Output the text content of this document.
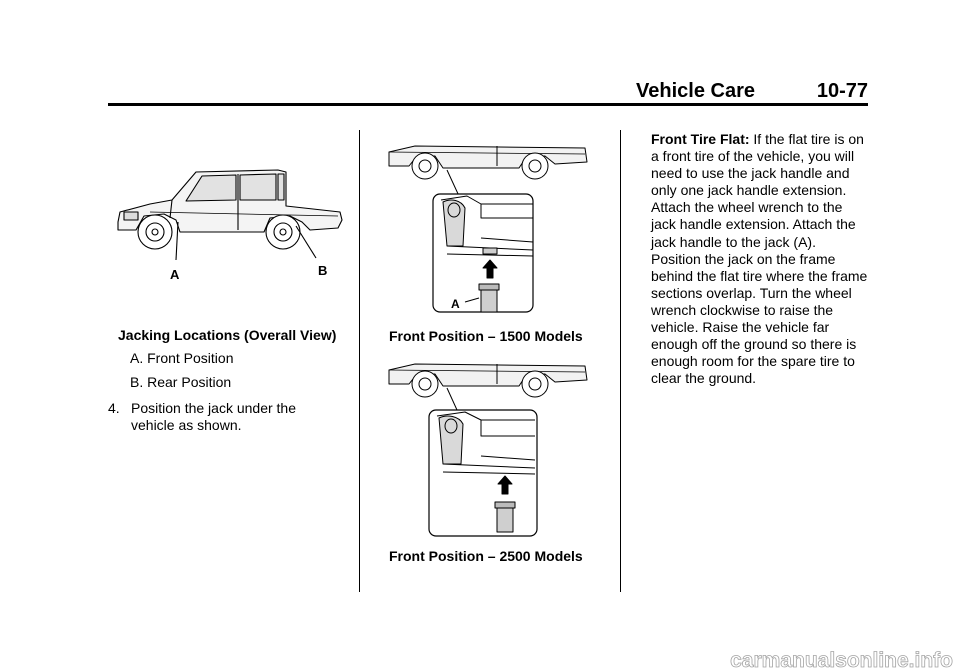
Vehicle Care	10-77
A	B
Jacking Locations (Overall View)
A. Front Position
B. Rear Position
4. Position the jack under the vehicle as shown.
A
Front Position – 1500 Models
Front Position – 2500 Models
Front Tire Flat: If the flat tire is on a front tire of the vehicle, you will need to use the jack handle and only one jack handle extension. Attach the wheel wrench to the jack handle extension. Attach the jack handle to the jack (A). Position the jack on the frame behind the flat tire where the frame sections overlap. Turn the wheel wrench clockwise to raise the vehicle. Raise the vehicle far enough off the ground so there is enough room for the spare tire to clear the ground.
carmanualsonline.info
